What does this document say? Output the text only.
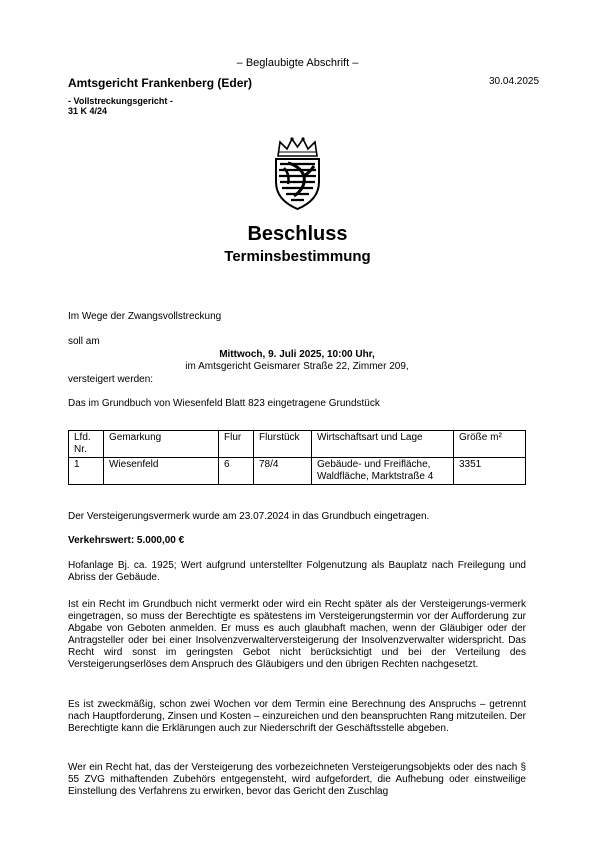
– Beglaubigte Abschrift –
Amtsgericht Frankenberg (Eder)	30.04.2025
- Vollstreckungsgericht -
31 K 4/24
Beschluss
Terminsbestimmung
Im Wege der Zwangsvollstreckung
soll am
Mittwoch, 9. Juli 2025, 10:00 Uhr,
im Amtsgericht Geismarer Straße 22, Zimmer 209,
versteigert werden:
Das im Grundbuch von Wiesenfeld Blatt 823 eingetragene Grundstück
Lfd. Nr.	Gemarkung	Flur	Flurstück	Wirtschaftsart und Lage	Größe m²
1	Wiesenfeld	6	78/4	Gebäude- und Freifläche, Waldfläche, Marktstraße 4	3351
Der Versteigerungsvermerk wurde am 23.07.2024 in das Grundbuch eingetragen.
Verkehrswert: 5.000,00 €
Hofanlage Bj. ca. 1925; Wert aufgrund unterstellter Folgenutzung als Bauplatz nach Freilegung und Abriss der Gebäude.
Ist ein Recht im Grundbuch nicht vermerkt oder wird ein Recht später als der Versteigerungs-vermerk eingetragen, so muss der Berechtigte es spätestens im Versteigerungstermin vor der Aufforderung zur Abgabe von Geboten anmelden. Er muss es auch glaubhaft machen, wenn der Gläubiger oder der Antragsteller oder bei einer Insolvenzverwalterversteigerung der Insolvenzverwalter widerspricht. Das Recht wird sonst im geringsten Gebot nicht berücksichtigt und bei der Verteilung des Versteigerungserlöses dem Anspruch des Gläubigers und den übrigen Rechten nachgesetzt.
Es ist zweckmäßig, schon zwei Wochen vor dem Termin eine Berechnung des Anspruchs – getrennt nach Hauptforderung, Zinsen und Kosten – einzureichen und den beanspruchten Rang mitzuteilen. Der Berechtigte kann die Erklärungen auch zur Niederschrift der Geschäftsstelle abgeben.
Wer ein Recht hat, das der Versteigerung des vorbezeichneten Versteigerungsobjekts oder des nach § 55 ZVG mithaftenden Zubehörs entgegensteht, wird aufgefordert, die Aufhebung oder einstweilige Einstellung des Verfahrens zu erwirken, bevor das Gericht den Zuschlag
